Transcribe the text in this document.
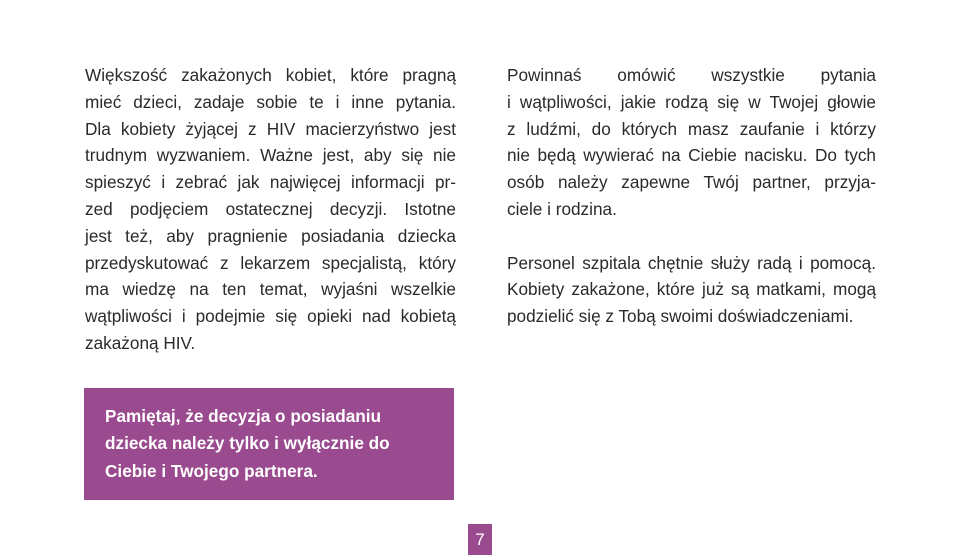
Większość zakażonych kobiet, które pragną
mieć dzieci, zadaje sobie te i inne pytania.
Dla kobiety żyjącej z HIV macierzyństwo jest
trudnym wyzwaniem. Ważne jest, aby się nie
spieszyć i zebrać jak najwięcej informacji pr-
zed podjęciem ostatecznej decyzji. Istotne
jest też, aby pragnienie posiadania dziecka
przedyskutować z lekarzem specjalistą, który
ma wiedzę na ten temat, wyjaśni wszelkie
wątpliwości i podejmie się opieki nad kobietą
zakażoną HIV.

Powinnaś omówić wszystkie pytania
i wątpliwości, jakie rodzą się w Twojej głowie
z ludźmi, do których masz zaufanie i którzy
nie będą wywierać na Ciebie nacisku. Do tych
osób należy zapewne Twój partner, przyja-
ciele i rodzina.

Personel szpitala chętnie służy radą i pomocą.
Kobiety zakażone, które już są matkami, mogą
podzielić się z Tobą swoimi doświadczeniami.

Pamiętaj, że decyzja o posiadaniu
dziecka należy tylko i wyłącznie do
Ciebie i Twojego partnera.
7
